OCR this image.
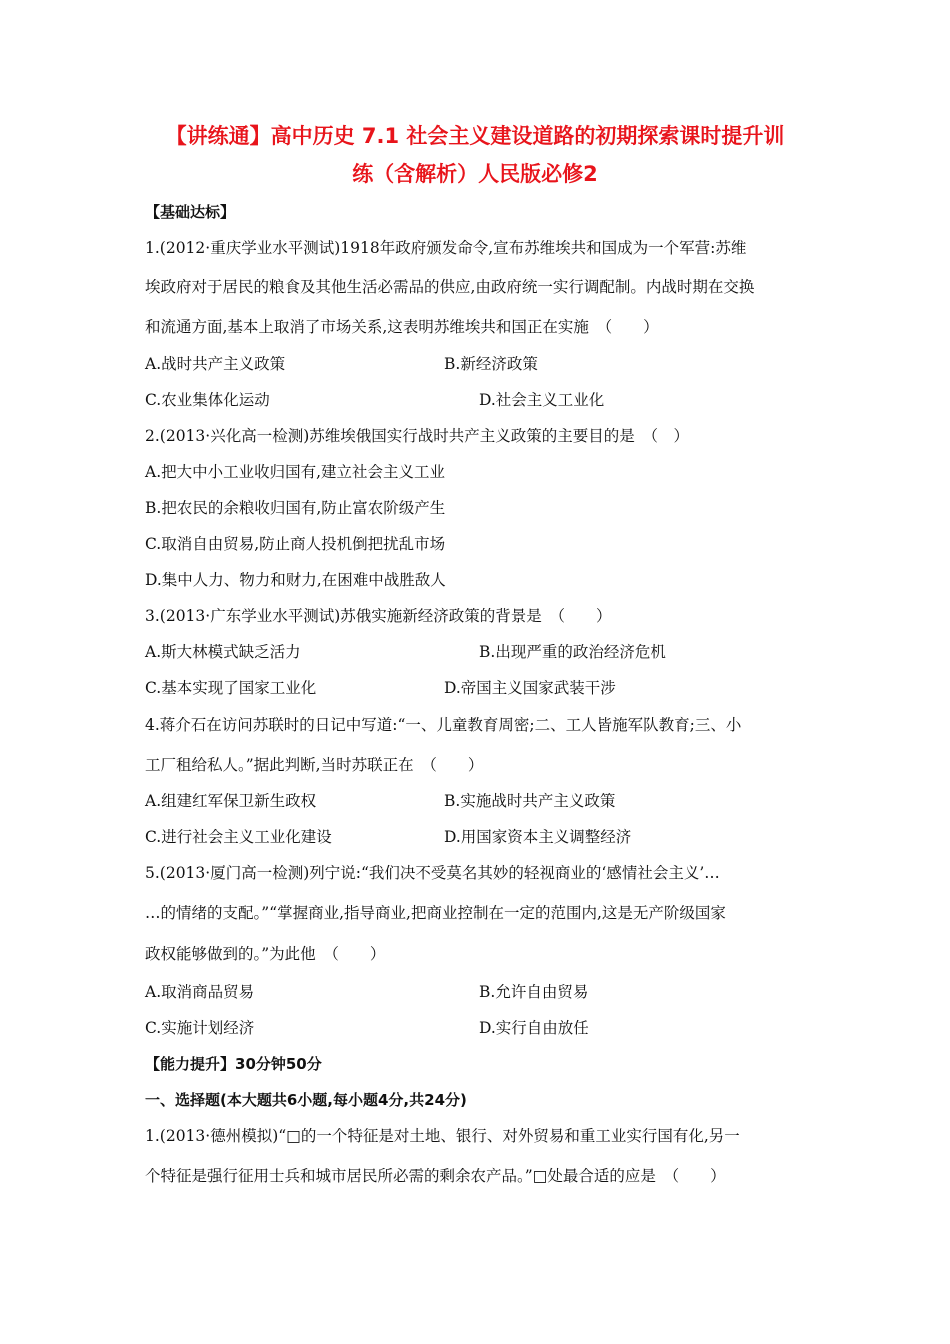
【讲练通】高中历史 7.1 社会主义建设道路的初期探索课时提升训
练（含解析）人民版必修2
【基础达标】
1.(2012·重庆学业水平测试)1918年政府颁发命令,宣布苏维埃共和国成为一个军营:苏维
埃政府对于居民的粮食及其他生活必需品的供应,由政府统一实行调配制。内战时期在交换
和流通方面,基本上取消了市场关系,这表明苏维埃共和国正在实施　（　　）
A.战时共产主义政策	B.新经济政策
C.农业集体化运动	D.社会主义工业化
2.(2013·兴化高一检测)苏维埃俄国实行战时共产主义政策的主要目的是　（　）
A.把大中小工业收归国有,建立社会主义工业
B.把农民的余粮收归国有,防止富农阶级产生
C.取消自由贸易,防止商人投机倒把扰乱市场
D.集中人力、物力和财力,在困难中战胜敌人
3.(2013·广东学业水平测试)苏俄实施新经济政策的背景是　（　　）
A.斯大林模式缺乏活力	B.出现严重的政治经济危机
C.基本实现了国家工业化	D.帝国主义国家武装干涉
4.蒋介石在访问苏联时的日记中写道:“一、儿童教育周密;二、工人皆施军队教育;三、小
工厂租给私人。”据此判断,当时苏联正在　（　　）
A.组建红军保卫新生政权	B.实施战时共产主义政策
C.进行社会主义工业化建设	D.用国家资本主义调整经济
5.(2013·厦门高一检测)列宁说:“我们决不受莫名其妙的轻视商业的‘感情社会主义’…
…的情绪的支配。”“掌握商业,指导商业,把商业控制在一定的范围内,这是无产阶级国家
政权能够做到的。”为此他　（　　）
A.取消商品贸易	B.允许自由贸易
C.实施计划经济	D.实行自由放任
【能力提升】30分钟50分
一、选择题(本大题共6小题,每小题4分,共24分)
1.(2013·德州模拟)“□的一个特征是对土地、银行、对外贸易和重工业实行国有化,另一
个特征是强行征用士兵和城市居民所必需的剩余农产品。”□处最合适的应是　（　　）
